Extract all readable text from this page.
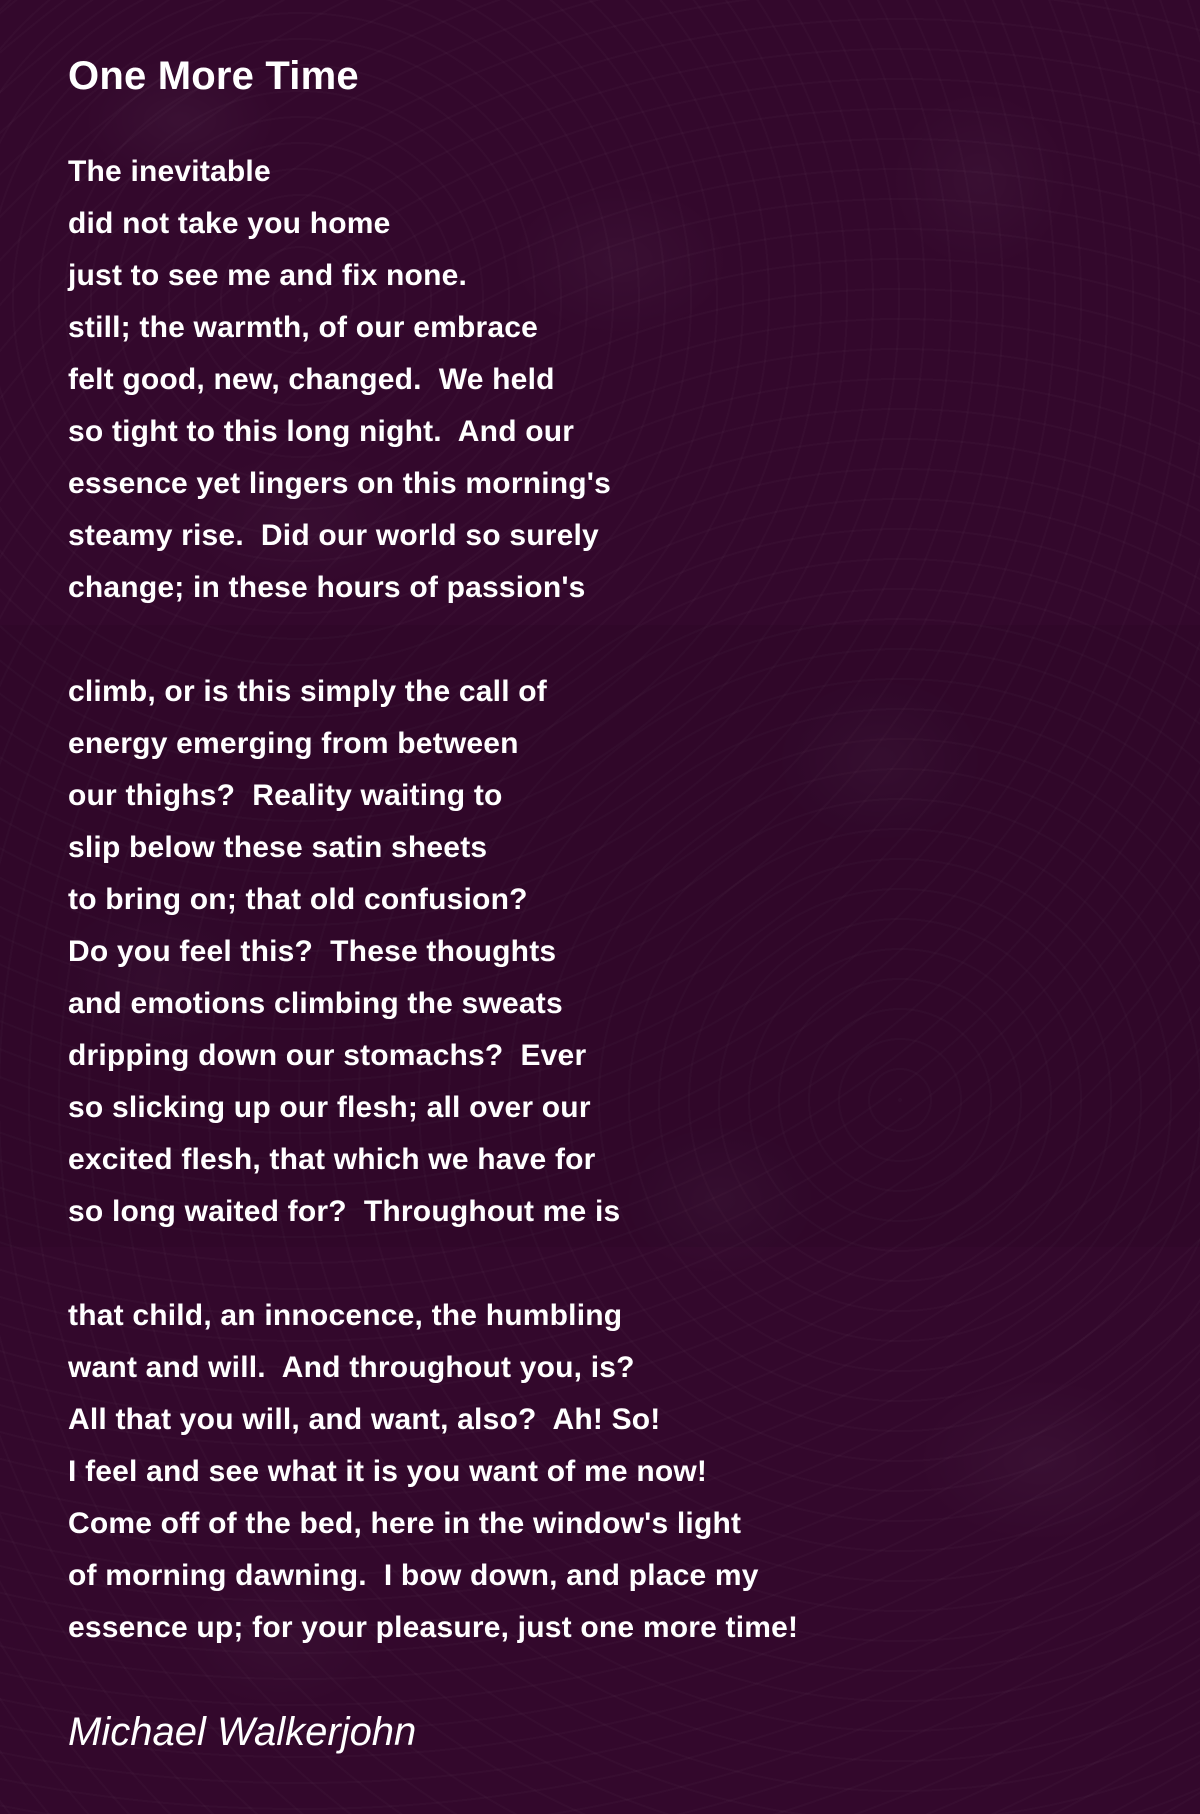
One More Time
The inevitable
did not take you home
just to see me and fix none.
still; the warmth, of our embrace
felt good, new, changed.  We held
so tight to this long night.  And our
essence yet lingers on this morning's
steamy rise.  Did our world so surely
change; in these hours of passion's
climb, or is this simply the call of
energy emerging from between
our thighs?  Reality waiting to
slip below these satin sheets
to bring on; that old confusion?
Do you feel this?  These thoughts
and emotions climbing the sweats
dripping down our stomachs?  Ever
so slicking up our flesh; all over our
excited flesh, that which we have for
so long waited for?  Throughout me is
that child, an innocence, the humbling
want and will.  And throughout you, is?
All that you will, and want, also?  Ah! So!
I feel and see what it is you want of me now!
Come off of the bed, here in the window's light
of morning dawning.  I bow down, and place my
essence up; for your pleasure, just one more time!
Michael Walkerjohn
